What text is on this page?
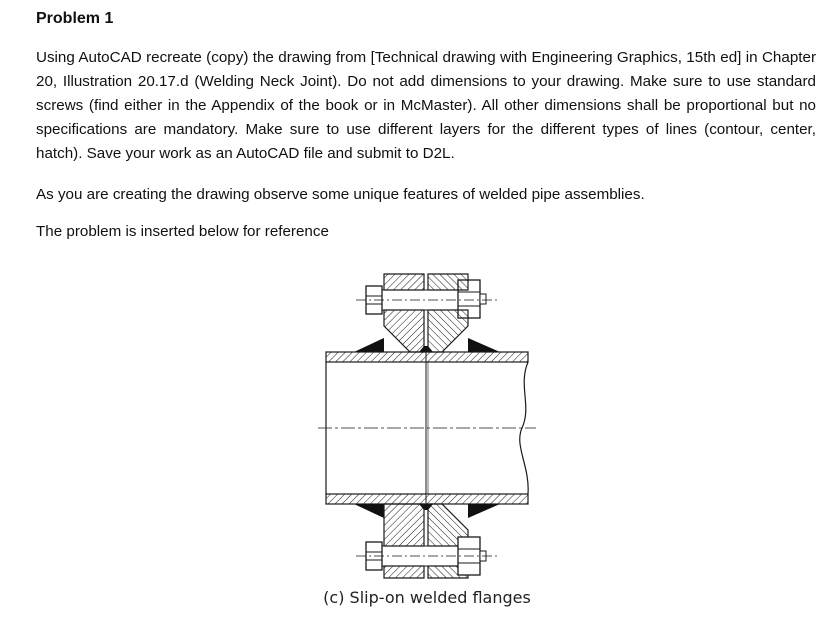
Problem 1

Using AutoCAD recreate (copy) the drawing from [Technical drawing with Engineering Graphics, 15th ed] in Chapter 20, Illustration 20.17.d (Welding Neck Joint). Do not add dimensions to your drawing. Make sure to use standard screws (find either in the Appendix of the book or in McMaster). All other dimensions shall be proportional but no specifications are mandatory. Make sure to use different layers for the different types of lines (contour, center, hatch). Save your work as an AutoCAD file and submit to D2L.

As you are creating the drawing observe some unique features of welded pipe assemblies.

The problem is inserted below for reference

(c) Slip-on welded flanges
